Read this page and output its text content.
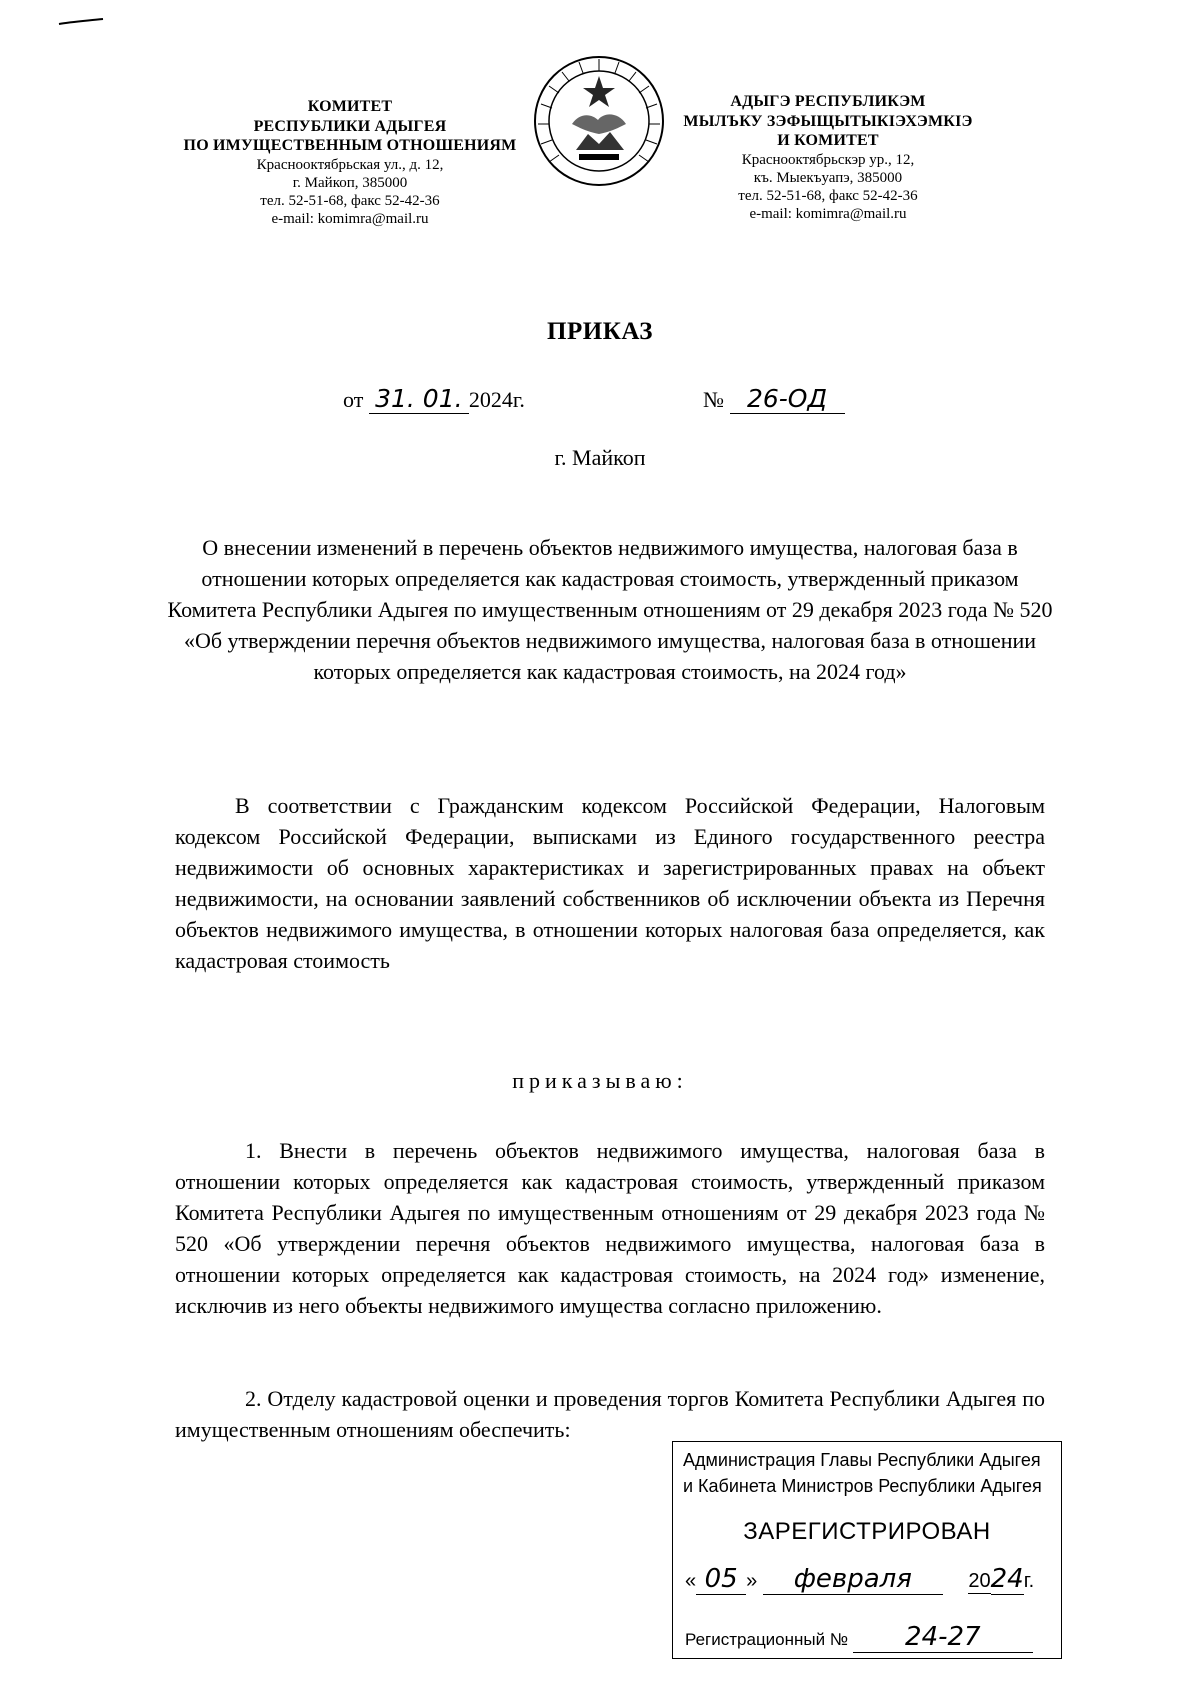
КОМИТЕТ
РЕСПУБЛИКИ АДЫГЕЯ
ПО ИМУЩЕСТВЕННЫМ ОТНОШЕНИЯМ
Краснооктябрьская ул., д. 12,
г. Майкоп, 385000
тел. 52-51-68, факс 52-42-36
e-mail: komimra@mail.ru
АДЫГЭ РЕСПУБЛИКЭМ
МЫЛЪКУ ЗЭФЫЩЫТЫКIЭХЭМКIЭ
И КОМИТЕТ
Краснооктябрьскэр ур., 12,
къ. Мыекъуапэ, 385000
тел. 52-51-68, факс 52-42-36
e-mail: komimra@mail.ru
ПРИКАЗ
от 31. 01. 2024г.	№ 26-ОД
г. Майкоп
О внесении изменений в перечень объектов недвижимого имущества, налоговая база в отношении которых определяется как кадастровая стоимость, утвержденный приказом Комитета Республики Адыгея по имущественным отношениям от 29 декабря 2023 года № 520 «Об утверждении перечня объектов недвижимого имущества, налоговая база в отношении которых определяется как кадастровая стоимость, на 2024 год»
В соответствии с Гражданским кодексом Российской Федерации, Налоговым кодексом Российской Федерации, выписками из Единого государственного реестра недвижимости об основных характеристиках и зарегистрированных правах на объект недвижимости, на основании заявлений собственников об исключении объекта из Перечня объектов недвижимого имущества, в отношении которых налоговая база определяется, как кадастровая стоимость
приказываю:
1. Внести в перечень объектов недвижимого имущества, налоговая база в отношении которых определяется как кадастровая стоимость, утвержденный приказом Комитета Республики Адыгея по имущественным отношениям от 29 декабря 2023 года № 520 «Об утверждении перечня объектов недвижимого имущества, налоговая база в отношении которых определяется как кадастровая стоимость, на 2024 год» изменение, исключив из него объекты недвижимого имущества согласно приложению.
2. Отделу кадастровой оценки и проведения торгов Комитета Республики Адыгея по имущественным отношениям обеспечить:
Администрация Главы Республики Адыгея
и Кабинета Министров Республики Адыгея
ЗАРЕГИСТРИРОВАН
« 05 » февраля	2024г.
Регистрационный № 24-27
